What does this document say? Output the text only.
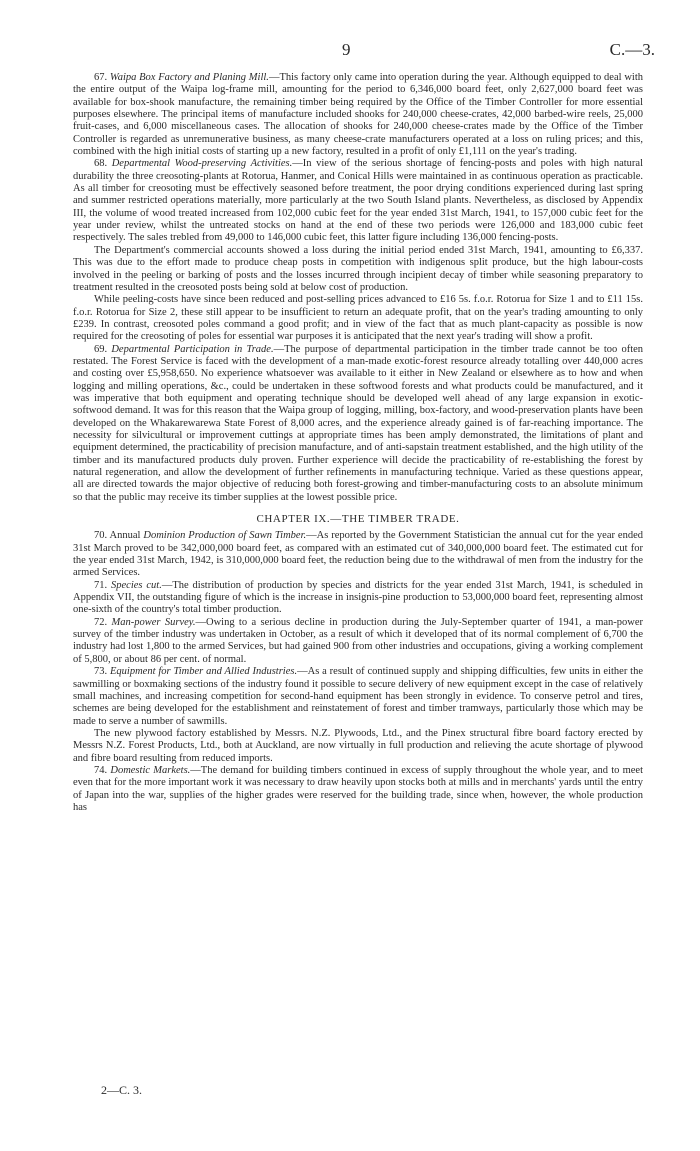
9	C.—3.

67. Waipa Box Factory and Planing Mill.—This factory only came into operation during the year. Although equipped to deal with the entire output of the Waipa log-frame mill, amounting for the period to 6,346,000 board feet, only 2,627,000 board feet was available for box-shook manufacture, the remaining timber being required by the Office of the Timber Controller for more essential purposes elsewhere. The principal items of manufacture included shooks for 240,000 cheese-crates, 42,000 barbed-wire reels, 25,000 fruit-cases, and 6,000 miscellaneous cases. The allocation of shooks for 240,000 cheese-crates made by the Office of the Timber Controller is regarded as unremunerative business, as many cheese-crate manufacturers operated at a loss on ruling prices; and this, combined with the high initial costs of starting up a new factory, resulted in a profit of only £1,111 on the year's trading.

68. Departmental Wood-preserving Activities.—In view of the serious shortage of fencing-posts and poles with high natural durability the three creosoting-plants at Rotorua, Hanmer, and Conical Hills were maintained in as continuous operation as practicable. As all timber for creosoting must be effectively seasoned before treatment, the poor drying conditions experienced during last spring and summer restricted operations materially, more particularly at the two South Island plants. Nevertheless, as disclosed by Appendix III, the volume of wood treated increased from 102,000 cubic feet for the year ended 31st March, 1941, to 157,000 cubic feet for the year under review, whilst the untreated stocks on hand at the end of these two periods were 126,000 and 183,000 cubic feet respectively. The sales trebled from 49,000 to 146,000 cubic feet, this latter figure including 136,000 fencing-posts.

The Department's commercial accounts showed a loss during the initial period ended 31st March, 1941, amounting to £6,337. This was due to the effort made to produce cheap posts in competition with indigenous split produce, but the high labour-costs involved in the peeling or barking of posts and the losses incurred through incipient decay of timber while seasoning preparatory to treatment resulted in the creosoted posts being sold at below cost of production.

While peeling-costs have since been reduced and post-selling prices advanced to £16 5s. f.o.r. Rotorua for Size 1 and to £11 15s. f.o.r. Rotorua for Size 2, these still appear to be insufficient to return an adequate profit, that on the year's trading amounting to only £239. In contrast, creosoted poles command a good profit; and in view of the fact that as much plant-capacity as possible is now required for the creosoting of poles for essential war purposes it is anticipated that the next year's trading will show a profit.

69. Departmental Participation in Trade.—The purpose of departmental participation in the timber trade cannot be too often restated. The Forest Service is faced with the development of a man-made exotic-forest resource already totalling over 440,000 acres and costing over £5,958,650. No experience whatsoever was available to it either in New Zealand or elsewhere as to how and when logging and milling operations, &c., could be undertaken in these softwood forests and what products could be manufactured, and it was imperative that both equipment and operating technique should be developed well ahead of any large expansion in exotic-softwood demand. It was for this reason that the Waipa group of logging, milling, box-factory, and wood-preservation plants have been developed on the Whakarewarewa State Forest of 8,000 acres, and the experience already gained is of far-reaching importance. The necessity for silvicultural or improvement cuttings at appropriate times has been amply demonstrated, the limitations of plant and equipment determined, the practicability of precision manufacture, and of anti-sapstain treatment established, and the high utility of the timber and its manufactured products duly proven. Further experience will decide the practicability of re-establishing the forest by natural regeneration, and allow the development of further refinements in manufacturing technique. Varied as these questions appear, all are directed towards the major objective of reducing both forest-growing and timber-manufacturing costs to an absolute minimum so that the public may receive its timber supplies at the lowest possible price.

CHAPTER IX.—THE TIMBER TRADE.

70. Annual Dominion Production of Sawn Timber.—As reported by the Government Statistician the annual cut for the year ended 31st March proved to be 342,000,000 board feet, as compared with an estimated cut of 340,000,000 board feet. The estimated cut for the year ended 31st March, 1942, is 310,000,000 board feet, the reduction being due to the withdrawal of men from the industry for the armed Services.

71. Species cut.—The distribution of production by species and districts for the year ended 31st March, 1941, is scheduled in Appendix VII, the outstanding figure of which is the increase in insignis-pine production to 53,000,000 board feet, representing almost one-sixth of the country's total timber production.

72. Man-power Survey.—Owing to a serious decline in production during the July-September quarter of 1941, a man-power survey of the timber industry was undertaken in October, as a result of which it developed that of its normal complement of 6,700 the industry had lost 1,800 to the armed Services, but had gained 900 from other industries and occupations, giving a working complement of 5,800, or about 86 per cent. of normal.

73. Equipment for Timber and Allied Industries.—As a result of continued supply and shipping difficulties, few units in either the sawmilling or boxmaking sections of the industry found it possible to secure delivery of new equipment except in the case of relatively small machines, and increasing competition for second-hand equipment has been strongly in evidence. To conserve petrol and tires, schemes are being developed for the establishment and reinstatement of forest and timber tramways, particularly those which may be made to serve a number of sawmills.

The new plywood factory established by Messrs. N.Z. Plywoods, Ltd., and the Pinex structural fibre board factory erected by Messrs N.Z. Forest Products, Ltd., both at Auckland, are now virtually in full production and relieving the acute shortage of plywood and fibre board resulting from reduced imports.

74. Domestic Markets.—The demand for building timbers continued in excess of supply throughout the whole year, and to meet even that for the more important work it was necessary to draw heavily upon stocks both at mills and in merchants' yards until the entry of Japan into the war, supplies of the higher grades were reserved for the building trade, since when, however, the whole production has

2—C. 3.
